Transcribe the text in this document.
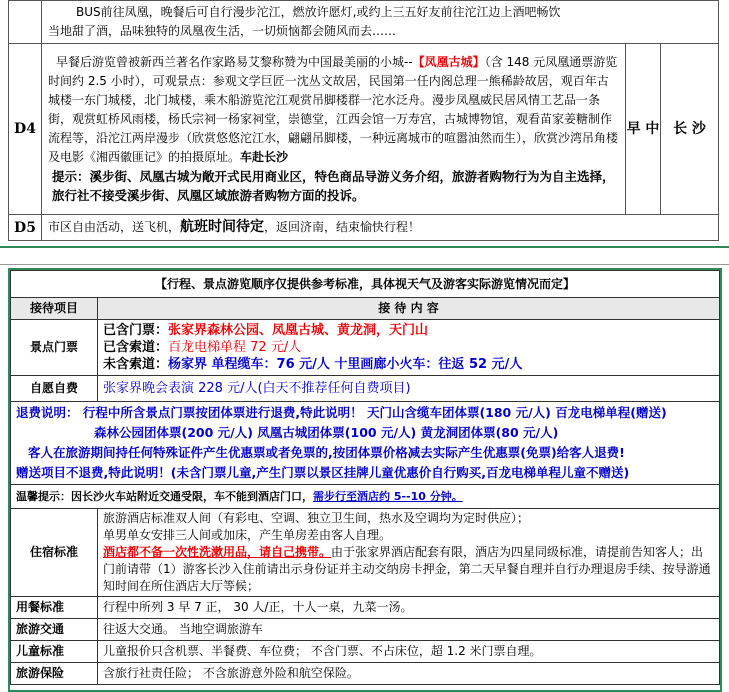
	BUS前往凤凰，晚餐后可自行漫步沱江，燃放许愿灯,或约上三五好友前往沱江边上酒吧畅饮
当地甜了酒，品味独特的凤凰夜生活，一切烦恼都会随风而去……		

D4	早餐后游览曾被新西兰著名作家路易艾黎称赞为中国最美丽的小城--【凤凰古城】（含 148 元凤凰通票游览时间约 2.5 小时），可观景点：参观文学巨匠一沈丛文故居，民国第一任内阁总理一熊稀龄故居，观百年古城楼一东门城楼，北门城楼，乘木船游览沱江观赏吊脚楼群一沱水泛舟。漫步凤凰威民居风情工艺品一条街，观赏虹桥风雨楼，杨氏宗祠一杨家祠堂，崇德堂，江西会馆一万寿宫，古城博物馆，观看苗家姜糖制作流程等，沿沱江两岸漫步（欣赏悠悠沱江水，翩翩吊脚楼，一种远离城市的喧嚣油然而生），欣赏沙湾吊角楼及电影《湘西徽匪记》的拍摄原址。车赴长沙
提示：溪步街、凤凰古城为敞开式民用商业区，特色商品导游义务介绍，旅游者购物行为为自主选择，旅行社不接受溪步街、凤凰区域旅游者购物方面的投诉。	早 中	长 沙
D5	市区自由活动，送飞机，航班时间待定，返回济南，结束愉快行程！		
【行程、景点游览顺序仅提供参考标准，具体视天气及游客实际游览情况而定】	
接待项目	接 待 内 容
景点门票	已含门票：张家界森林公园、凤凰古城、黄龙洞，天门山
已含索道：百龙电梯单程 72 元/人
未含索道：杨家界 单程缆车：76 元/人 十里画廊小火车：往返 52 元/人

自愿自费	张家界晚会表演 228 元/人(白天不推荐任何自费项目)

退费说明： 行程中所含景点门票按团体票进行退费,特此说明！ 天门山含缆车团体票(180 元/人) 百龙电梯单程(赠送)
森林公园团体票(200 元/人) 凤凰古城团体票(100 元/人) 黄龙洞团体票(80 元/人)
客人在旅游期间持任何特殊证件产生优惠票或者免票的,按团体票价格减去实际产生优惠票(免票)给客人退费!
赠送项目不退费,特此说明！(未含门票儿童,产生门票以景区挂牌儿童优惠价自行购买,百龙电梯单程儿童不赠送)	

温馨提示：因长沙火车站附近交通受限，车不能到酒店门口，需步行至酒店约 5--10 分钟。	
住宿标准	旅游酒店标准双人间（有彩电、空调、独立卫生间，热水及空调均为定时供应）；
单男单女安排三人间或加床，产生单房差由客人自理。
酒店都不备一次性洗漱用品，请自己携带。由于张家界酒店配套有限，酒店为四星同级标准，请提前告知客人；出门前请带（1）游客长沙入住前请出示身份证并主动交纳房卡押金，第二天早餐自理并自行办理退房手续、按导游通知时间在所住酒店大厅等候；

用餐标准	行程中所列 3 早 7 正， 30 人/正，十人一桌，九菜一汤。
旅游交通	往返大交通。 当地空调旅游车
儿童标准	儿童报价只含机票、半餐费、车位费； 不含门票、不占床位，超 1.2 米门票自理。
旅游保险	含旅行社责任险； 不含旅游意外险和航空保险。
